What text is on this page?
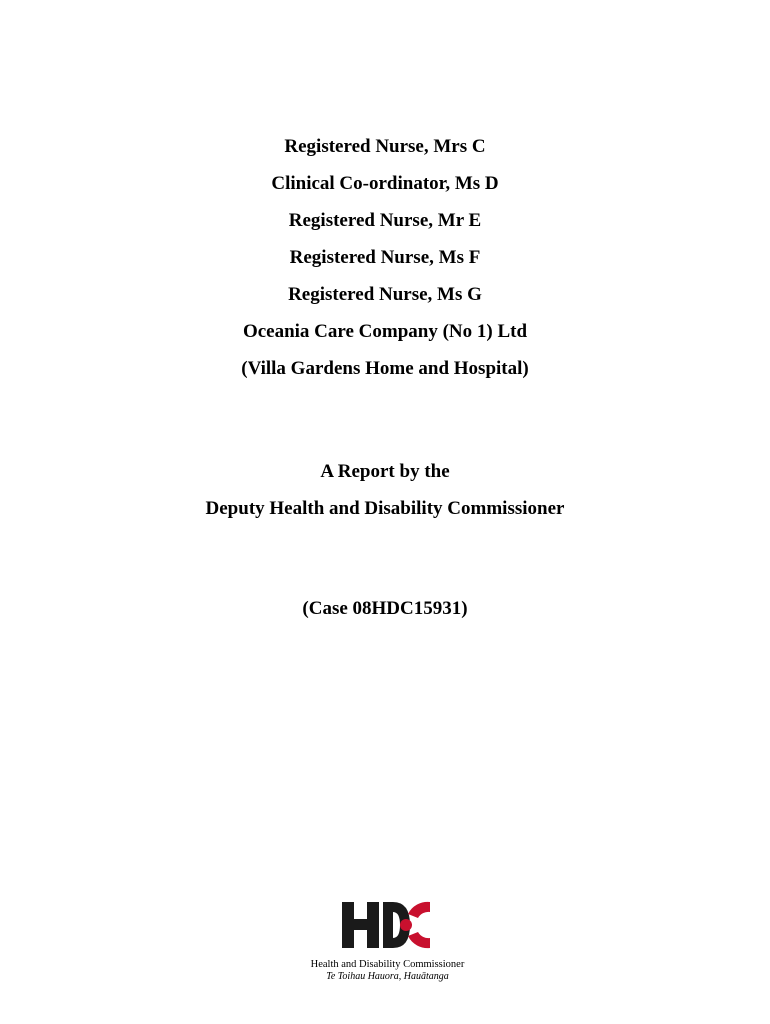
Registered Nurse, Mrs C
Clinical Co-ordinator, Ms D
Registered Nurse, Mr E
Registered Nurse, Ms F
Registered Nurse, Ms G
Oceania Care Company (No 1) Ltd
(Villa Gardens Home and Hospital)
A Report by the
Deputy Health and Disability Commissioner
(Case 08HDC15931)
Health and Disability Commissioner
Te Toihau Hauora, Hauātanga
